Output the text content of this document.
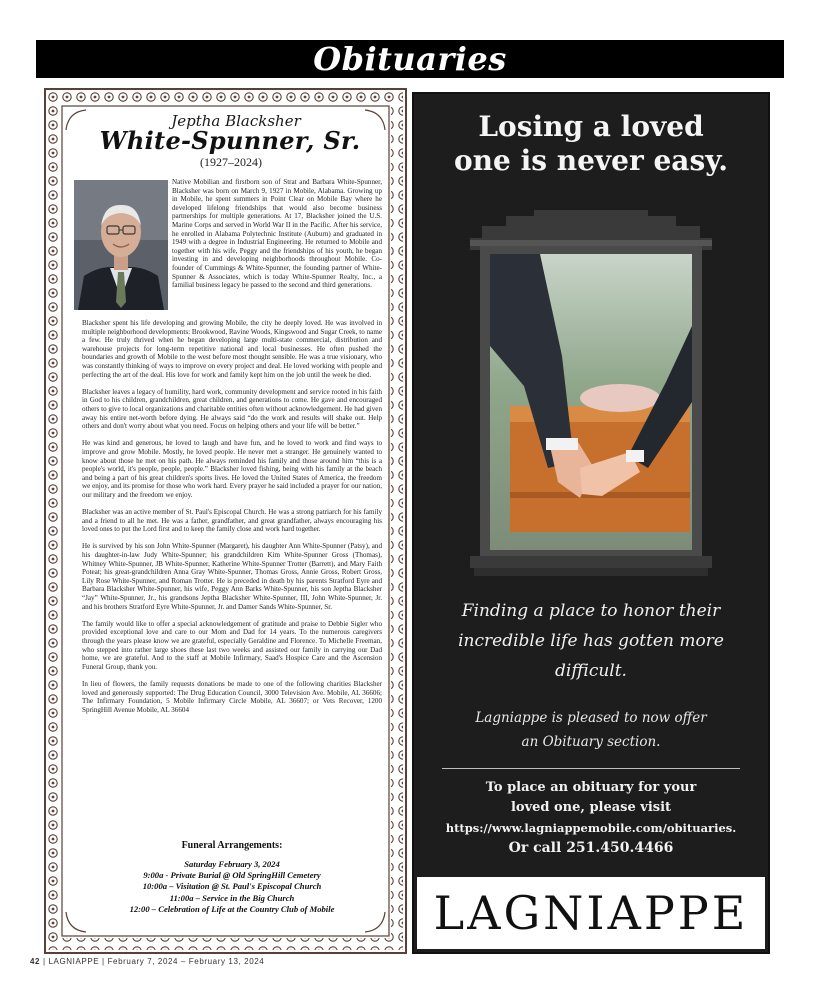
Obituaries
Jeptha Blacksher
White-Spunner, Sr.
(1927–2024)
Native Mobilian and firstborn son of Strat and Barbara White-Spunner, Blacksher was born on March 9, 1927 in Mobile, Alabama. Growing up in Mobile, he spent summers in Point Clear on Mobile Bay where he developed lifelong friendships that would also become business partnerships for multiple generations. At 17, Blacksher joined the U.S. Marine Corps and served in World War II in the Pacific. After his service, he enrolled in Alabama Polytechnic Institute (Auburn) and graduated in 1949 with a degree in Industrial Engineering. He returned to Mobile and together with his wife, Peggy and the friendships of his youth, he began investing in and developing neighborhoods throughout Mobile. Co-founder of Cummings & White-Spunner, the founding partner of White-Spunner & Associates, which is today White-Spunner Realty, Inc., a familial business legacy he passed to the second and third generations.

Blacksher spent his life developing and growing Mobile, the city he deeply loved. He was involved in multiple neighborhood developments: Brookwood, Ravine Woods, Kingswood and Sugar Creek, to name a few. He truly thrived when he began developing large multi-state commercial, distribution and warehouse projects for long-term repetitive national and local businesses. He often pushed the boundaries and growth of Mobile to the west before most thought sensible. He was a true visionary, who was constantly thinking of ways to improve on every project and deal. He loved working with people and perfecting the art of the deal. His love for work and family kept him on the job until the week he died.

Blacksher leaves a legacy of humility, hard work, community development and service rooted in his faith in God to his children, grandchildren, great children, and generations to come. He gave and encouraged others to give to local organizations and charitable entities often without acknowledgement. He had given away his entire net-worth before dying. He always said “do the work and results will shake out. Help others and don't worry about what you need. Focus on helping others and your life will be better.”

He was kind and generous, he loved to laugh and have fun, and he loved to work and find ways to improve and grow Mobile. Mostly, he loved people. He never met a stranger. He genuinely wanted to know about those he met on his path. He always reminded his family and those around him “this is a people's world, it's people, people, people.” Blacksher loved fishing, being with his family at the beach and being a part of his great children's sports lives. He loved the United States of America, the freedom we enjoy, and its promise for those who work hard. Every prayer he said included a prayer for our nation, our military and the freedom we enjoy.

Blacksher was an active member of St. Paul's Episcopal Church. He was a strong patriarch for his family and a friend to all he met. He was a father, grandfather, and great grandfather, always encouraging his loved ones to put the Lord first and to keep the family close and work hard together.

He is survived by his son John White-Spunner (Margaret), his daughter Ann White-Spunner (Patsy), and his daughter-in-law Judy White-Spunner; his grandchildren Kim White-Spunner Gross (Thomas), Whitney White-Spunner, JB White-Spunner, Katherine White-Spunner Trotter (Barrett), and Mary Faith Poteat; his great-grandchildren Anna Gray White-Spunner, Thomas Gross, Annie Gross, Robert Gross, Lily Rose White-Spunner, and Roman Trotter. He is preceded in death by his parents Stratford Eyre and Barbara Blacksher White-Spunner, his wife, Peggy Ann Barks White-Spunner, his son Jeptha Blacksher “Jay” White-Spunner, Jr., his grandsons Jeptha Blacksher White-Spunner, III, John White-Spunner, Jr. and his brothers Stratford Eyre White-Spunner, Jr. and Damer Sands White-Spunner, Sr.

The family would like to offer a special acknowledgement of gratitude and praise to Debbie Sigler who provided exceptional love and care to our Mom and Dad for 14 years. To the numerous caregivers through the years please know we are grateful, especially Geraldine and Florence. To Michelle Freeman, who stepped into rather large shoes these last two weeks and assisted our family in carrying our Dad home, we are grateful. And to the staff at Mobile Infirmary, Saad's Hospice Care and the Ascension Funeral Group, thank you.

In lieu of flowers, the family requests donations be made to one of the following charities Blacksher loved and generously supported: The Drug Education Council, 3000 Television Ave. Mobile, AL 36606; The Infirmary Foundation, 5 Mobile Infirmary Circle Mobile, AL 36607; or Vets Recover, 1200 SpringHill Avenue Mobile, AL 36604

Funeral Arrangements:
Saturday February 3, 2024
9:00a - Private Burial @ Old SpringHill Cemetery
10:00a – Visitation @ St. Paul's Episcopal Church
11:00a – Service in the Big Church
12:00 – Celebration of Life at the Country Club of Mobile
Losing a loved
one is never easy.
Finding a place to honor their
incredible life has gotten more
difficult.
Lagniappe is pleased to now offer
an Obituary section.
To place an obituary for your
loved one, please visit
https://www.lagniappemobile.com/obituaries.
Or call 251.450.4466
LAGNIAPPE
42 | LAGNIAPPE | February 7, 2024 – February 13, 2024
